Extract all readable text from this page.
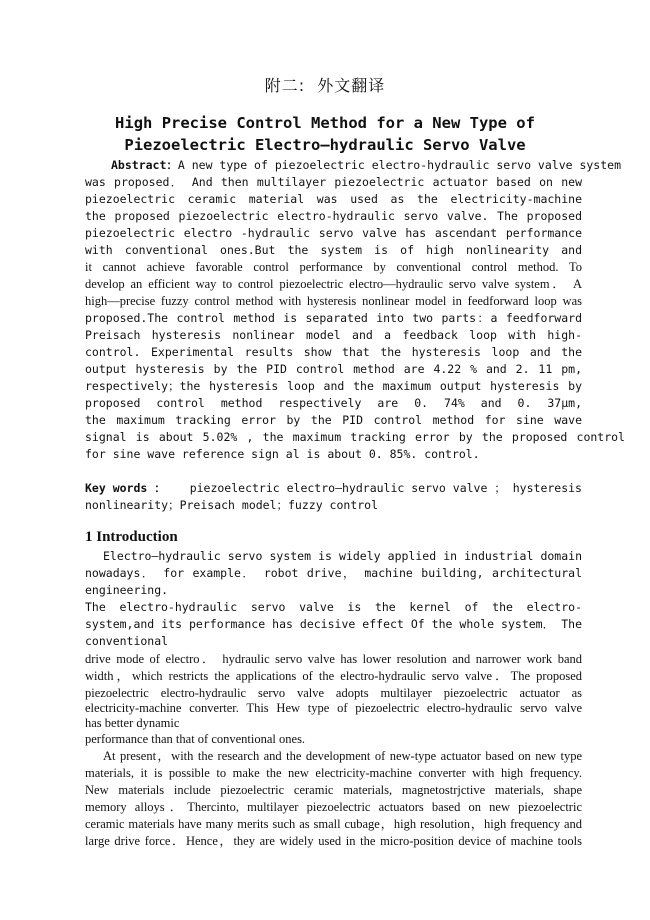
附二:  外文翻译
High Precise Control Method for a New Type of
Piezoelectric Electro—hydraulic Servo Valve
Abstract：A new type of piezoelectric electro-hydraulic servo valve system
was proposed． And then multilayer piezoelectric actuator based on new
piezoelectric ceramic material was used as the electricity-machine
the proposed piezoelectric electro-hydraulic servo valve. The proposed
piezoelectric electro -hydraulic servo valve has ascendant performance
with conventional ones.But the system is of high nonlinearity and
it cannot achieve favorable control performance by conventional control method. To
develop an efficient way to control piezoelectric electro—hydraulic servo valve system． A
high—precise fuzzy control method with hysteresis nonlinear model in feedforward loop was
proposed.The control method is separated into two parts：a feedforward
Preisach hysteresis nonlinear model and a feedback loop with high-
control. Experimental results show that the hysteresis loop and the
output hysteresis by the PID control method are 4.22 % and 2. 11 pm,
respectively；the hysteresis loop and the maximum output hysteresis by
proposed control method respectively are 0. 74% and 0. 37μm,
the maximum tracking error by the PID control method for sine wave
signal is about 5.02% , the maximum tracking error by the proposed control
for sine wave reference sign al is about 0. 85%. control.
Key words ： piezoelectric electro—hydraulic servo valve ； hysteresis
nonlinearity；Preisach model；fuzzy control
1 Introduction
Electro—hydraulic servo system is widely applied in industrial domain
nowadays． for example． robot drive， machine building, architectural
engineering.
The electro-hydraulic servo valve is the kernel of the electro-
system,and its performance has decisive effect Of the whole system． The
conventional
drive mode of electro． hydraulic servo valve has lower resolution and narrower work band
width，which restricts the applications of the electro-hydraulic servo valve．The proposed
piezoelectric electro-hydraulic servo valve adopts multilayer piezoelectric actuator as
electricity-machine converter. This Hew type of piezoelectric electro-hydraulic servo valve
has better dynamic
performance than that of conventional ones.
At present，with the research and the development of new-type actuator based on new type
materials, it is possible to make the new electricity-machine converter with high frequency.
New materials include piezoelectric ceramic materials, magnetostrjctive materials, shape
memory alloys．Thercinto, multilayer piezoelectric actuators based on new piezoelectric
ceramic materials have many merits such as small cubage，high resolution，high frequency and
large drive force．Hence，they are widely used in the micro-position device of machine tools
